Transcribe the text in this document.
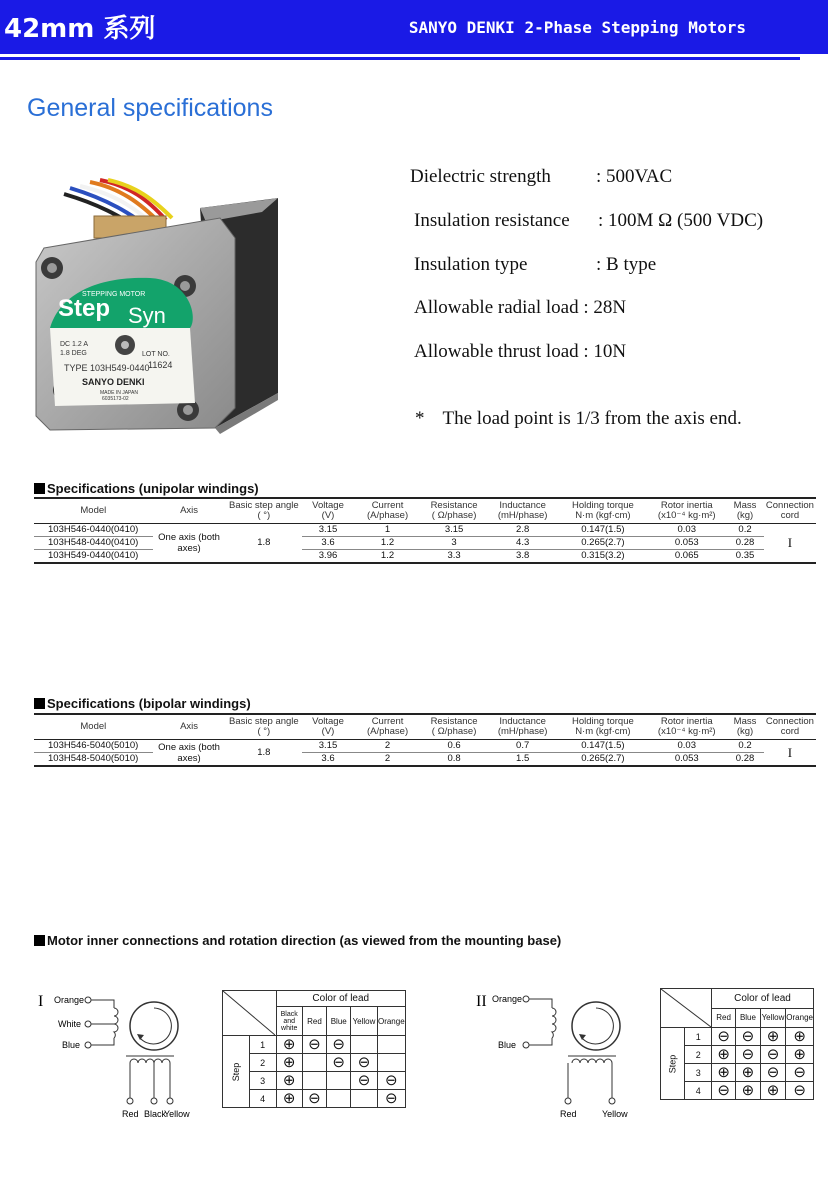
42mm 系列	SANYO DENKI 2-Phase Stepping Motors
General specifications
STEPPING MOTOR
Step Syn
DC 1.2 A
1.8 DEG	LOT NO.
11624
TYPE 103H549-0440
SANYO DENKI
MADE IN JAPAN
6035173-02
Dielectric strength : 500VAC
Insulation resistance : 100M Ω (500 VDC)
Insulation type	: B type
Allowable radial load : 28N
Allowable thrust load : 10N
* The load point is 1/3 from the axis end.
Specifications (unipolar windings)
Model	Axis	Basic step angle
( °)	Voltage
(V)	Current
(A/phase)	Resistance
( Ω/phase)	Inductance
(mH/phase)	Holding torque
N·m (kgf·cm)	Rotor inertia
(x10⁻⁴ kg·m²)	Mass
(kg)	Connection
cord
103H546-0440(0410)	One axis (both axes)	1.8	3.15	1	3.15	2.8	0.147(1.5)	0.03	0.2	I
103H548-0440(0410)			3.6	1.2	3	4.3	0.265(2.7)	0.053	0.28	
103H549-0440(0410)			3.96	1.2	3.3	3.8	0.315(3.2)	0.065	0.35	
Specifications (bipolar windings)
Model	Axis	Basic step angle
( °)	Voltage
(V)	Current
(A/phase)	Resistance
( Ω/phase)	Inductance
(mH/phase)	Holding torque
N·m (kgf·cm)	Rotor inertia
(x10⁻⁴ kg·m²)	Mass
(kg)	Connection
cord
103H546-5040(5010)	One axis (both axes)	1.8	3.15	2	0.6	0.7	0.147(1.5)	0.03	0.2	I
103H548-5040(5010)			3.6	2	0.8	1.5	0.265(2.7)	0.053	0.28	
Motor inner connections and rotation direction (as viewed from the mounting base)
I Orange
White
Blue
Red Black
Yellow
	Color of lead				
		Black and white	Red	Blue	Yellow	Orange

Step	1	⊕	⊖	⊖		
	2	⊕		⊖	⊖	
	3	⊕			⊖	⊖
	4	⊕	⊖			⊖
II Orange
Blue
Red	Yellow
	Color of lead			
		Red	Blue	Yellow	Orange

Step	1	⊖	⊖	⊕	⊕
	2	⊕	⊖	⊖	⊕
	3	⊕	⊕	⊖	⊖
	4	⊖	⊕	⊕	⊖
